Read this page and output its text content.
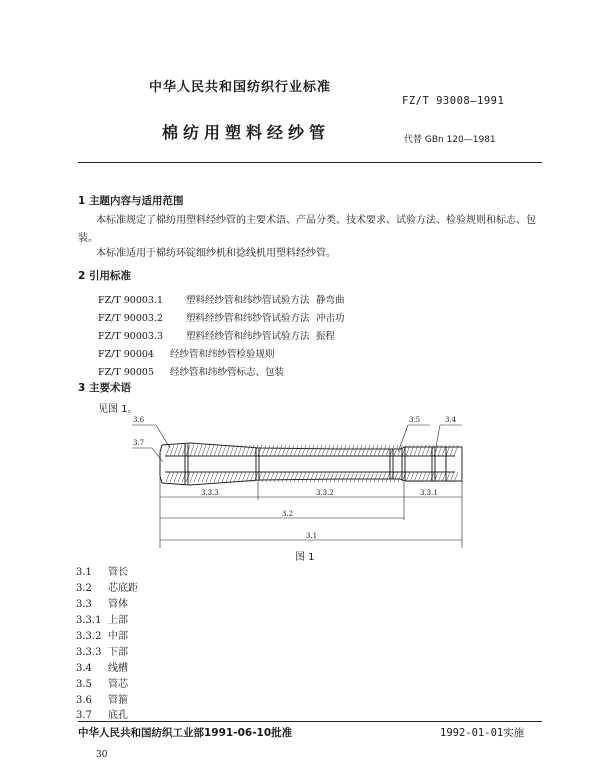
中华人民共和国纺织行业标准
FZ/T 93008—1991
棉纺用塑料经纱管	代替 GBn 120—1981
1 主题内容与适用范围
本标准规定了棉纺用塑料经纱管的主要术语、产品分类、技术要求、试验方法、检验规则和标志、包装。
本标准适用于棉纺环锭细纱机和捻线机用塑料经纱管。
2 引用标准
FZ/T 90003.1 塑料经纱管和纬纱管试验方法 静弯曲
FZ/T 90003.2 塑料经纱管和纬纱管试验方法 冲击功
FZ/T 90003.3 塑料经纱管和纬纱管试验方法 振程
FZ/T 90004 经纱管和纬纱管检验规则
FZ/T 90005 经纱管和纬纱管标志、包装
3 主要术语
见图 1。
3.6
3.7
3.5	3.4
3.3.3	3.3.2	3.3.1
3.2
3.1
图 1
3.1 管长
3.2 芯底距
3.3 管体
3.3.1 上部
3.3.2 中部
3.3.3 下部
3.4 线槽
3.5 管芯
3.6 管箍
3.7 底孔
中华人民共和国纺织工业部1991-06-10批准	1992-01-01实施
30
